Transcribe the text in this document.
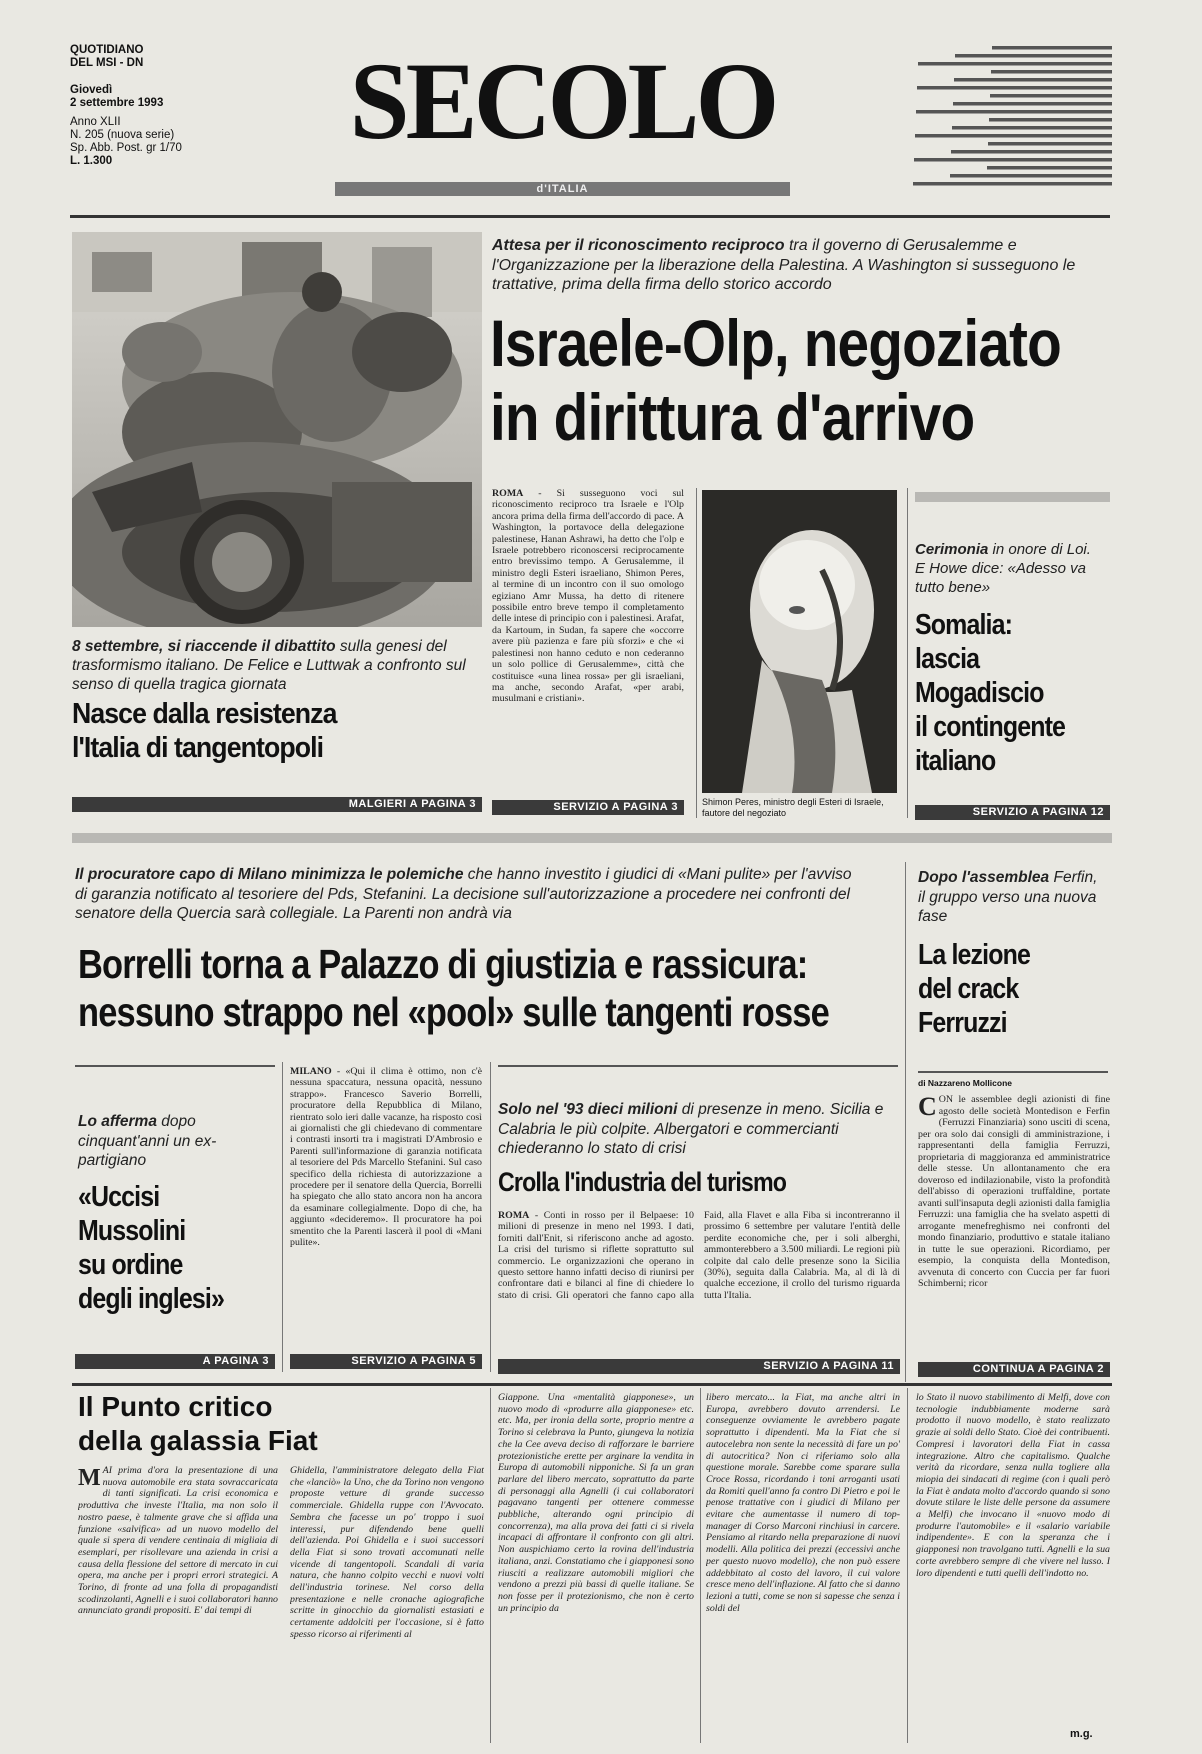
QUOTIDIANO
DEL MSI - DN
Giovedì
2 settembre 1993
Anno XLII
N. 205 (nuova serie)
Sp. Abb. Post. gr 1/70
L. 1.300	SECOLO
d'ITALIA
8 settembre, si riaccende il dibattito sulla genesi del trasformismo italiano. De Felice e Luttwak a confronto sul senso di quella tragica giornata
Nasce dalla resistenza
l'Italia di tangentopoli
MALGIERI A PAGINA 3
Attesa per il riconoscimento reciproco tra il governo di Gerusalemme e l'Organizzazione per la liberazione della Palestina. A Washington si susseguono le trattative, prima della firma dello storico accordo
Israele-Olp, negoziato
in dirittura d'arrivo
ROMA - Si susseguono voci sul riconoscimento reciproco tra Israele e l'Olp ancora prima della firma dell'accordo di pace. A Washington, la portavoce della delegazione palestinese, Hanan Ashrawi, ha detto che l'olp e Israele potrebbero riconoscersi reciprocamente entro brevissimo tempo. A Gerusalemme, il ministro degli Esteri israeliano, Shimon Peres, al termine di un incontro con il suo omologo egiziano Amr Mussa, ha detto di ritenere possibile entro breve tempo il completamento delle intese di principio con i palestinesi. Arafat, da Kartoum, in Sudan, fa sapere che «occorre avere più pazienza e fare più sforzi» e che «i palestinesi non hanno ceduto e non cederanno un solo pollice di Gerusalemme», città che costituisce «una linea rossa» per gli israeliani, ma anche, secondo Arafat, «per arabi, musulmani e cristiani».
SERVIZIO A PAGINA 3	Shimon Peres, ministro degli Esteri di Israele, fautore del negoziato
Cerimonia in onore di Loi. E Howe dice: «Adesso va tutto bene»
Somalia:
lascia
Mogadiscio
il contingente
italiano
SERVIZIO A PAGINA 12
Il procuratore capo di Milano minimizza le polemiche che hanno investito i giudici di «Mani pulite» per l'avviso di garanzia notificato al tesoriere del Pds, Stefanini. La decisione sull'autorizzazione a procedere nei confronti del senatore della Quercia sarà collegiale. La Parenti non andrà via
Borrelli torna a Palazzo di giustizia e rassicura:
nessuno strappo nel «pool» sulle tangenti rosse
Dopo l'assemblea Ferfin, il gruppo verso una nuova fase
La lezione
del crack
Ferruzzi
di Nazzareno Mollicone
CON le assemblee degli azionisti di fine agosto delle società Montedison e Ferfin (Ferruzzi Finanziaria) sono usciti di scena, per ora solo dai consigli di amministrazione, i rappresentanti della famiglia Ferruzzi, proprietaria di maggioranza ed amministratrice delle stesse. Un allontanamento che era doveroso ed indilazionabile, visto la profondità dell'abisso di operazioni truffaldine, portate avanti sull'insaputa degli azionisti dalla famiglia Ferruzzi: una famiglia che ha svelato aspetti di arrogante menefreghismo nei confronti del mondo finanziario, produttivo e statale italiano in tutte le sue operazioni. Ricordiamo, per esempio, la conquista della Montedison, avvenuta di concerto con Cuccia per far fuori Schimberni; ricor
CONTINUA A PAGINA 2
Lo afferma dopo cinquant'anni un ex-partigiano
«Uccisi
Mussolini
su ordine
degli inglesi»
A PAGINA 3
MILANO - «Qui il clima è ottimo, non c'è nessuna spaccatura, nessuna opacità, nessuno strappo». Francesco Saverio Borrelli, procuratore della Repubblica di Milano, rientrato solo ieri dalle vacanze, ha risposto così ai giornalisti che gli chiedevano di commentare i contrasti insorti tra i magistrati D'Ambrosio e Parenti sull'informazione di garanzia notificata al tesoriere del Pds Marcello Stefanini. Sul caso specifico della richiesta di autorizzazione a procedere per il senatore della Quercia, Borrelli ha spiegato che allo stato ancora non ha ancora da esaminare collegialmente. Dopo di che, ha aggiunto «decideremo». Il procuratore ha poi smentito che la Parenti lascerà il pool di «Mani pulite».
SERVIZIO A PAGINA 5
Solo nel '93 dieci milioni di presenze in meno. Sicilia e Calabria le più colpite. Albergatori e commercianti chiederanno lo stato di crisi
Crolla l'industria del turismo
ROMA - Conti in rosso per il Belpaese: 10 milioni di presenze in meno nel 1993. I dati, forniti dall'Enit, si riferiscono anche ad agosto. La crisi del turismo si riflette soprattutto sul commercio. Le organizzazioni che operano in questo settore hanno infatti deciso di riunirsi per confrontare dati e bilanci al fine di chiedere lo stato di crisi. Gli operatori che fanno capo alla Faid, alla Flavet e alla Fiba si incontreranno il prossimo 6 settembre per valutare l'entità delle perdite economiche che, per i soli alberghi, ammonterebbero a 3.500 miliardi. Le regioni più colpite dal calo delle presenze sono la Sicilia (30%), seguita dalla Calabria. Ma, al di là di qualche eccezione, il crollo del turismo riguarda tutta l'Italia.
SERVIZIO A PAGINA 11
Il Punto critico
della galassia Fiat
MAI prima d'ora la presentazione di una nuova automobile era stata sovraccaricata di tanti significati. La crisi economica e produttiva che investe l'Italia, ma non solo il nostro paese, è talmente grave che si affida una funzione «salvifica» ad un nuovo modello del quale si spera di vendere centinaia di migliaia di esemplari, per risollevare una azienda in crisi a causa della flessione del settore di mercato in cui opera, ma anche per i propri errori strategici. A Torino, di fronte ad una folla di propagandisti scodinzolanti, Agnelli e i suoi collaboratori hanno annunciato grandi propositi. E' dai tempi di
Ghidella, l'amministratore delegato della Fiat che «lanciò» la Uno, che da Torino non vengono proposte vetture di grande successo commerciale. Ghidella ruppe con l'Avvocato. Sembra che facesse un po' troppo i suoi interessi, pur difendendo bene quelli dell'azienda. Poi Ghidella e i suoi successori della Fiat si sono trovati accomunati nelle vicende di tangentopoli. Scandali di varia natura, che hanno colpito vecchi e nuovi volti dell'industria torinese. Nel corso della presentazione e nelle cronache agiografiche scritte in ginocchio da giornalisti estasiati e certamente addolciti per l'occasione, si è fatto spesso ricorso ai riferimenti al
Giappone. Una «mentalità giapponese», un nuovo modo di «produrre alla giapponese» etc. etc. Ma, per ironia della sorte, proprio mentre a Torino si celebrava la Punto, giungeva la notizia che la Cee aveva deciso di rafforzare le barriere protezionistiche erette per arginare la vendita in Europa di automobili nipponiche. Si fa un gran parlare del libero mercato, soprattutto da parte di personaggi alla Agnelli (i cui collaboratori pagavano tangenti per ottenere commesse pubbliche, alterando ogni principio di concorrenza), ma alla prova dei fatti ci si rivela incapaci di affrontare il confronto con gli altri. Non auspichiamo certo la rovina dell'industria italiana, anzi. Constatiamo che i giapponesi sono riusciti a realizzare automobili migliori che vendono a prezzi più bassi di quelle italiane. Se non fosse per il protezionismo, che non è certo un principio da
libero mercato... la Fiat, ma anche altri in Europa, avrebbero dovuto arrendersi. Le conseguenze ovviamente le avrebbero pagate soprattutto i dipendenti. Ma la Fiat che si autocelebra non sente la necessità di fare un po' di autocritica? Non ci riferiamo solo alla questione morale. Sarebbe come sparare sulla Croce Rossa, ricordando i toni arroganti usati da Romiti quell'anno fa contro Di Pietro e poi le penose trattative con i giudici di Milano per evitare che aumentasse il numero di top-manager di Corso Marconi rinchiusi in carcere. Pensiamo al ritardo nella preparazione di nuovi modelli. Alla politica dei prezzi (eccessivi anche per questo nuovo modello), che non può essere addebbitato al costo del lavoro, il cui valore cresce meno dell'inflazione. Al fatto che si danno lezioni a tutti, come se non si sapesse che senza i soldi del
lo Stato il nuovo stabilimento di Melfi, dove con tecnologie indubbiamente moderne sarà prodotto il nuovo modello, è stato realizzato grazie ai soldi dello Stato. Cioè dei contribuenti. Compresi i lavoratori della Fiat in cassa integrazione. Altro che capitalismo. Qualche verità da ricordare, senza nulla togliere alla miopia dei sindacati di regime (con i quali però la Fiat è andata molto d'accordo quando si sono dovute stilare le liste delle persone da assumere a Melfi) che invocano il «nuovo modo di produrre l'automobile» e il «salario variabile indipendente». E con la speranza che i giapponesi non travolgano tutti. Agnelli e la sua corte avrebbero sempre di che vivere nel lusso. I loro dipendenti e tutti quelli dell'indotto no.
m.g.
